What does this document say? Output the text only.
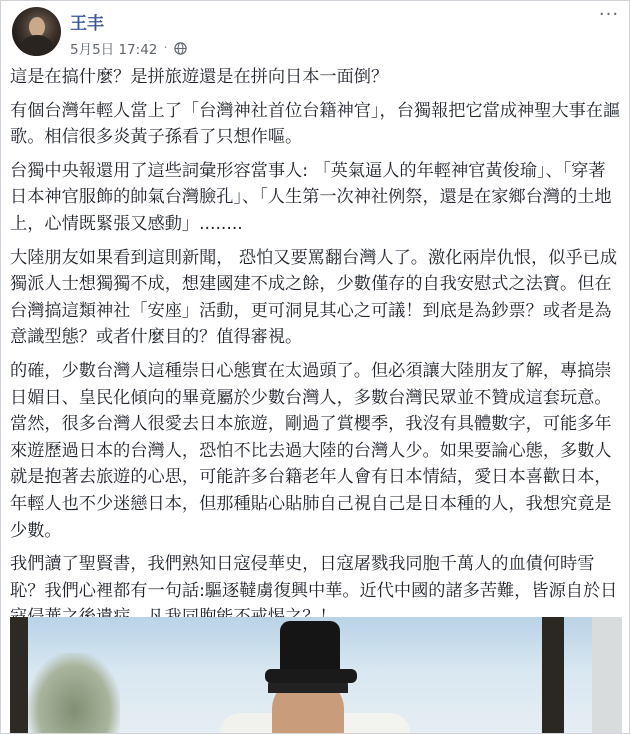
王丰
5月5日 17:42 ·
···

這是在搞什麼？是拼旅遊還是在拼向日本一面倒？

有個台灣年輕人當上了「台灣神社首位台籍神官」，台獨報把它當成神聖大事在謳歌。相信很多炎黃子孫看了只想作嘔。

台獨中央報還用了這些詞彙形容當事人: 「英氣逼人的年輕神官黃俊瑜」、「穿著日本神官服飾的帥氣台灣臉孔」、「人生第一次神社例祭，還是在家鄉台灣的土地上，心情既緊張又感動」........

大陸朋友如果看到這則新聞， 恐怕又要罵翻台灣人了。激化兩岸仇恨，似乎已成獨派人士想獨獨不成，想建國建不成之餘，少數僅存的自我安慰式之法寶。但在台灣搞這類神社「安座」活動，更可洞見其心之可議！到底是為鈔票？或者是為意識型態？或者什麼目的？值得審視。

的確，少數台灣人這種崇日心態實在太過頭了。但必須讓大陸朋友了解，專搞崇日媚日、皇民化傾向的畢竟屬於少數台灣人，多數台灣民眾並不贊成這套玩意。當然，很多台灣人很愛去日本旅遊，剛過了賞櫻季，我沒有具體數字，可能多年來遊歷過日本的台灣人，恐怕不比去過大陸的台灣人少。如果要論心態，多數人就是抱著去旅遊的心思，可能許多台籍老年人會有日本情結，愛日本喜歡日本，年輕人也不少迷戀日本，但那種貼心貼肺自己視自己是日本種的人，我想究竟是少數。

我們讀了聖賢書，我們熟知日寇侵華史，日寇屠戮我同胞千萬人的血債何時雪恥？我們心裡都有一句話:驅逐韃虜復興中華。近代中國的諸多苦難，皆源自於日
